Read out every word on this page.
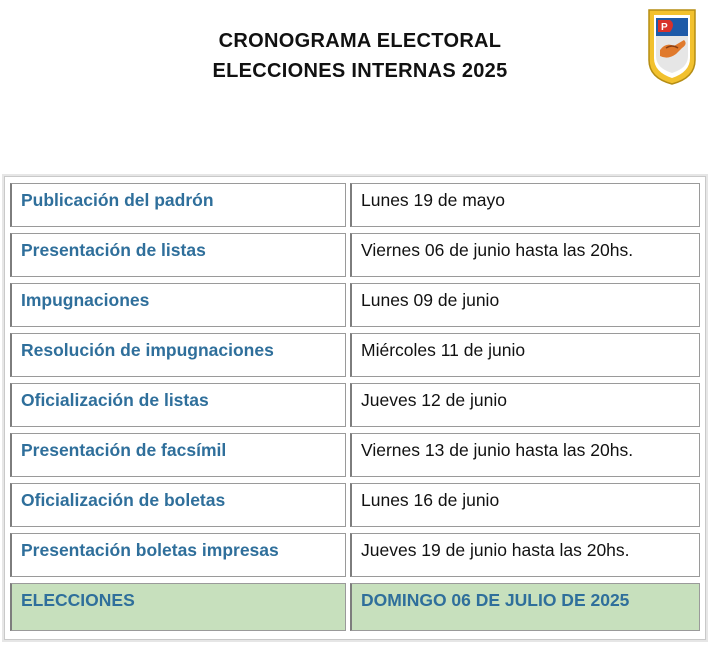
CRONOGRAMA ELECTORAL
ELECCIONES INTERNAS 2025
P
Publicación del padrón	Lunes 19 de mayo
Presentación de listas	Viernes 06 de junio hasta las 20hs.
Impugnaciones	Lunes 09 de junio
Resolución de impugnaciones	Miércoles 11 de junio
Oficialización de listas	Jueves 12 de junio
Presentación de facsímil	Viernes 13 de junio hasta las 20hs.
Oficialización de boletas	Lunes 16 de junio
Presentación boletas impresas	Jueves 19 de junio hasta las 20hs.
ELECCIONES	DOMINGO 06 DE JULIO DE 2025
